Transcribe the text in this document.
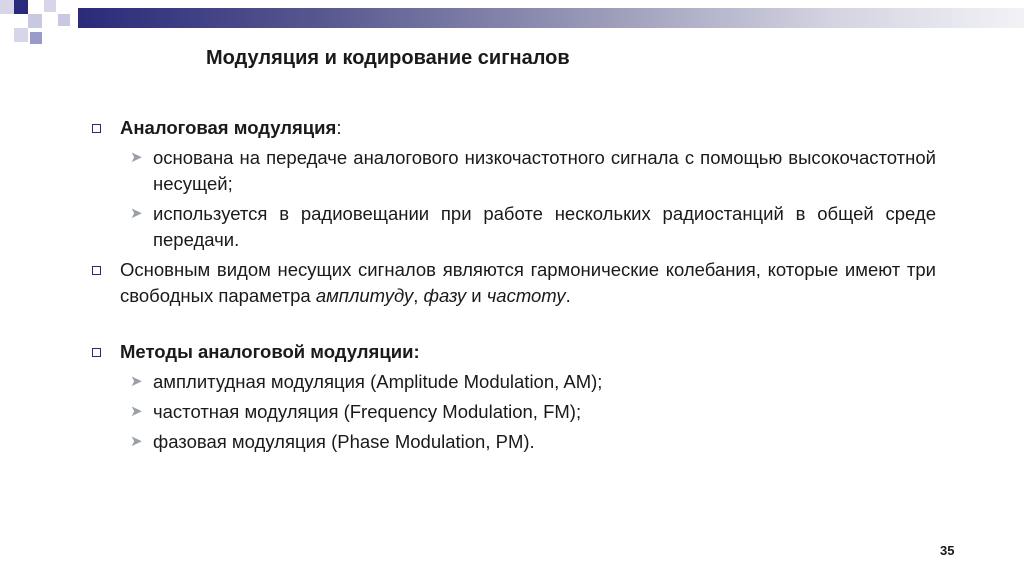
Модуляция и кодирование сигналов
Аналоговая модуляция:
➤ основана на передаче аналогового низкочастотного сигнала с помощью высокочастотной несущей;
➤ используется в радиовещании при работе нескольких радиостанций в общей среде передачи.
Основным видом несущих сигналов являются гармонические колебания, которые имеют три свободных параметра амплитуду, фазу и частоту.
Методы аналоговой модуляции:
➤ амплитудная модуляция (Amplitude Modulation, AM);
➤ частотная модуляция (Frequency Modulation, FM);
➤ фазовая модуляция (Phase Modulation, PM).
35
